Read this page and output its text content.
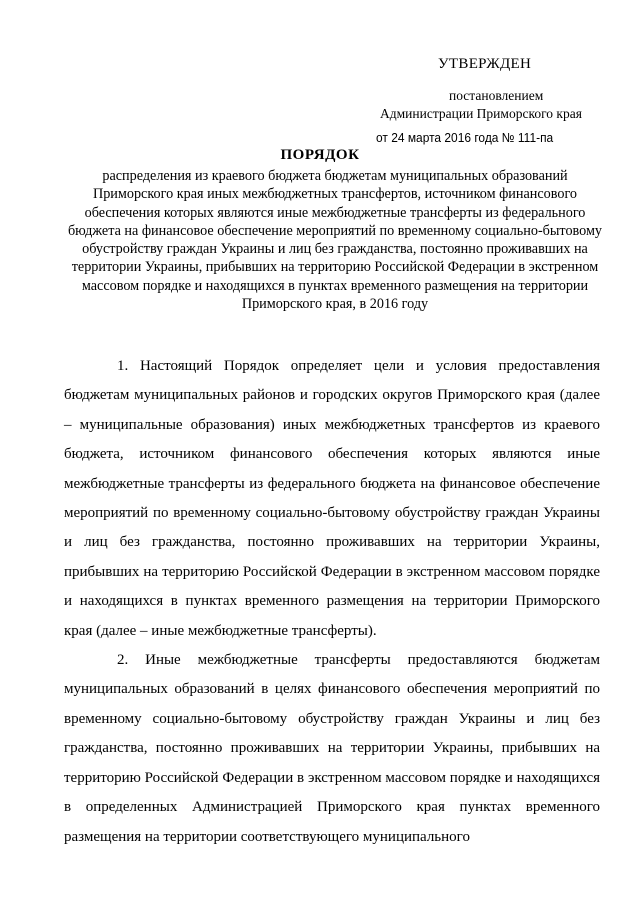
УТВЕРЖДЕН
постановлением
Администрации Приморского края
от 24 марта 2016 года № 111-па
ПОРЯДОК
распределения из краевого бюджета бюджетам муниципальных образований Приморского края иных межбюджетных трансфертов, источником финансового обеспечения которых являются иные межбюджетные трансферты из федерального бюджета на финансовое обеспечение мероприятий по временному социально-бытовому обустройству граждан Украины и лиц без гражданства, постоянно проживавших на территории Украины, прибывших на территорию Российской Федерации в экстренном массовом порядке и находящихся в пунктах временного размещения на территории Приморского края, в 2016 году

1. Настоящий Порядок определяет цели и условия предоставления бюджетам муниципальных районов и городских округов Приморского края (далее – муниципальные образования) иных межбюджетных трансфертов из краевого бюджета, источником финансового обеспечения которых являются иные межбюджетные трансферты из федерального бюджета на финансовое обеспечение мероприятий по временному социально-бытовому обустройству граждан Украины и лиц без гражданства, постоянно проживавших на территории Украины, прибывших на территорию Российской Федерации в экстренном массовом порядке и находящихся в пунктах временного размещения на территории Приморского края (далее – иные межбюджетные трансферты).

2. Иные межбюджетные трансферты предоставляются бюджетам муниципальных образований в целях финансового обеспечения мероприятий по временному социально-бытовому обустройству граждан Украины и лиц без гражданства, постоянно проживавших на территории Украины, прибывших на территорию Российской Федерации в экстренном массовом порядке и находящихся в определенных Администрацией Приморского края пунктах временного размещения на территории соответствующего муниципального
